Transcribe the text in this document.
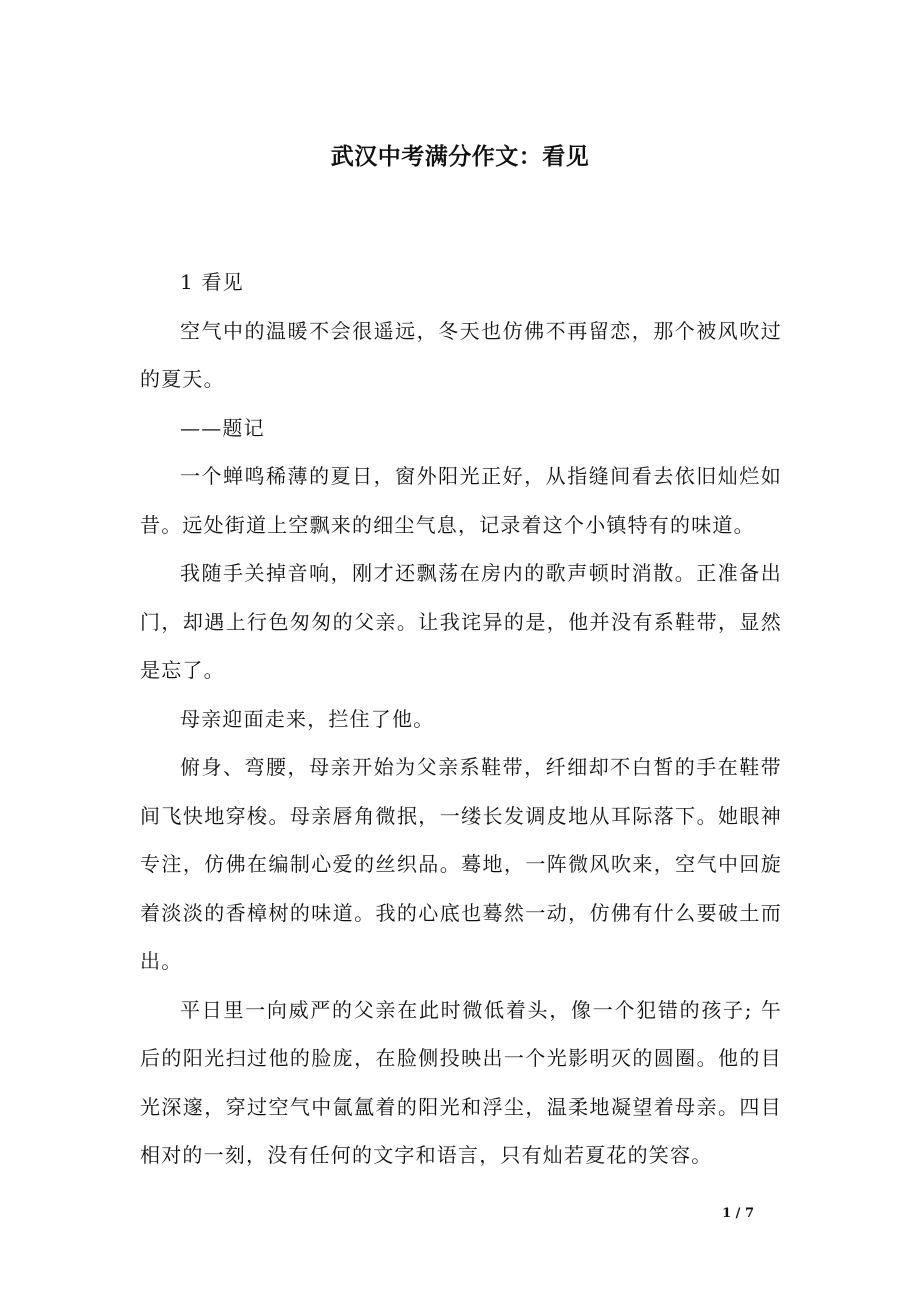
武汉中考满分作文：看见

1 看见

空气中的温暖不会很遥远，冬天也仿佛不再留恋，那个被风吹过的夏天。

——题记

一个蝉鸣稀薄的夏日，窗外阳光正好，从指缝间看去依旧灿烂如昔。远处街道上空飘来的细尘气息，记录着这个小镇特有的味道。

我随手关掉音响，刚才还飘荡在房内的歌声顿时消散。正准备出门，却遇上行色匆匆的父亲。让我诧异的是，他并没有系鞋带，显然是忘了。

母亲迎面走来，拦住了他。

俯身、弯腰，母亲开始为父亲系鞋带，纤细却不白皙的手在鞋带间飞快地穿梭。母亲唇角微抿，一缕长发调皮地从耳际落下。她眼神专注，仿佛在编制心爱的丝织品。蓦地，一阵微风吹来，空气中回旋着淡淡的香樟树的味道。我的心底也蓦然一动，仿佛有什么要破土而出。

平日里一向威严的父亲在此时微低着头，像一个犯错的孩子; 午后的阳光扫过他的脸庞，在脸侧投映出一个光影明灭的圆圈。他的目光深邃，穿过空气中氤氲着的阳光和浮尘，温柔地凝望着母亲。四目相对的一刻，没有任何的文字和语言，只有灿若夏花的笑容。

1 / 7
